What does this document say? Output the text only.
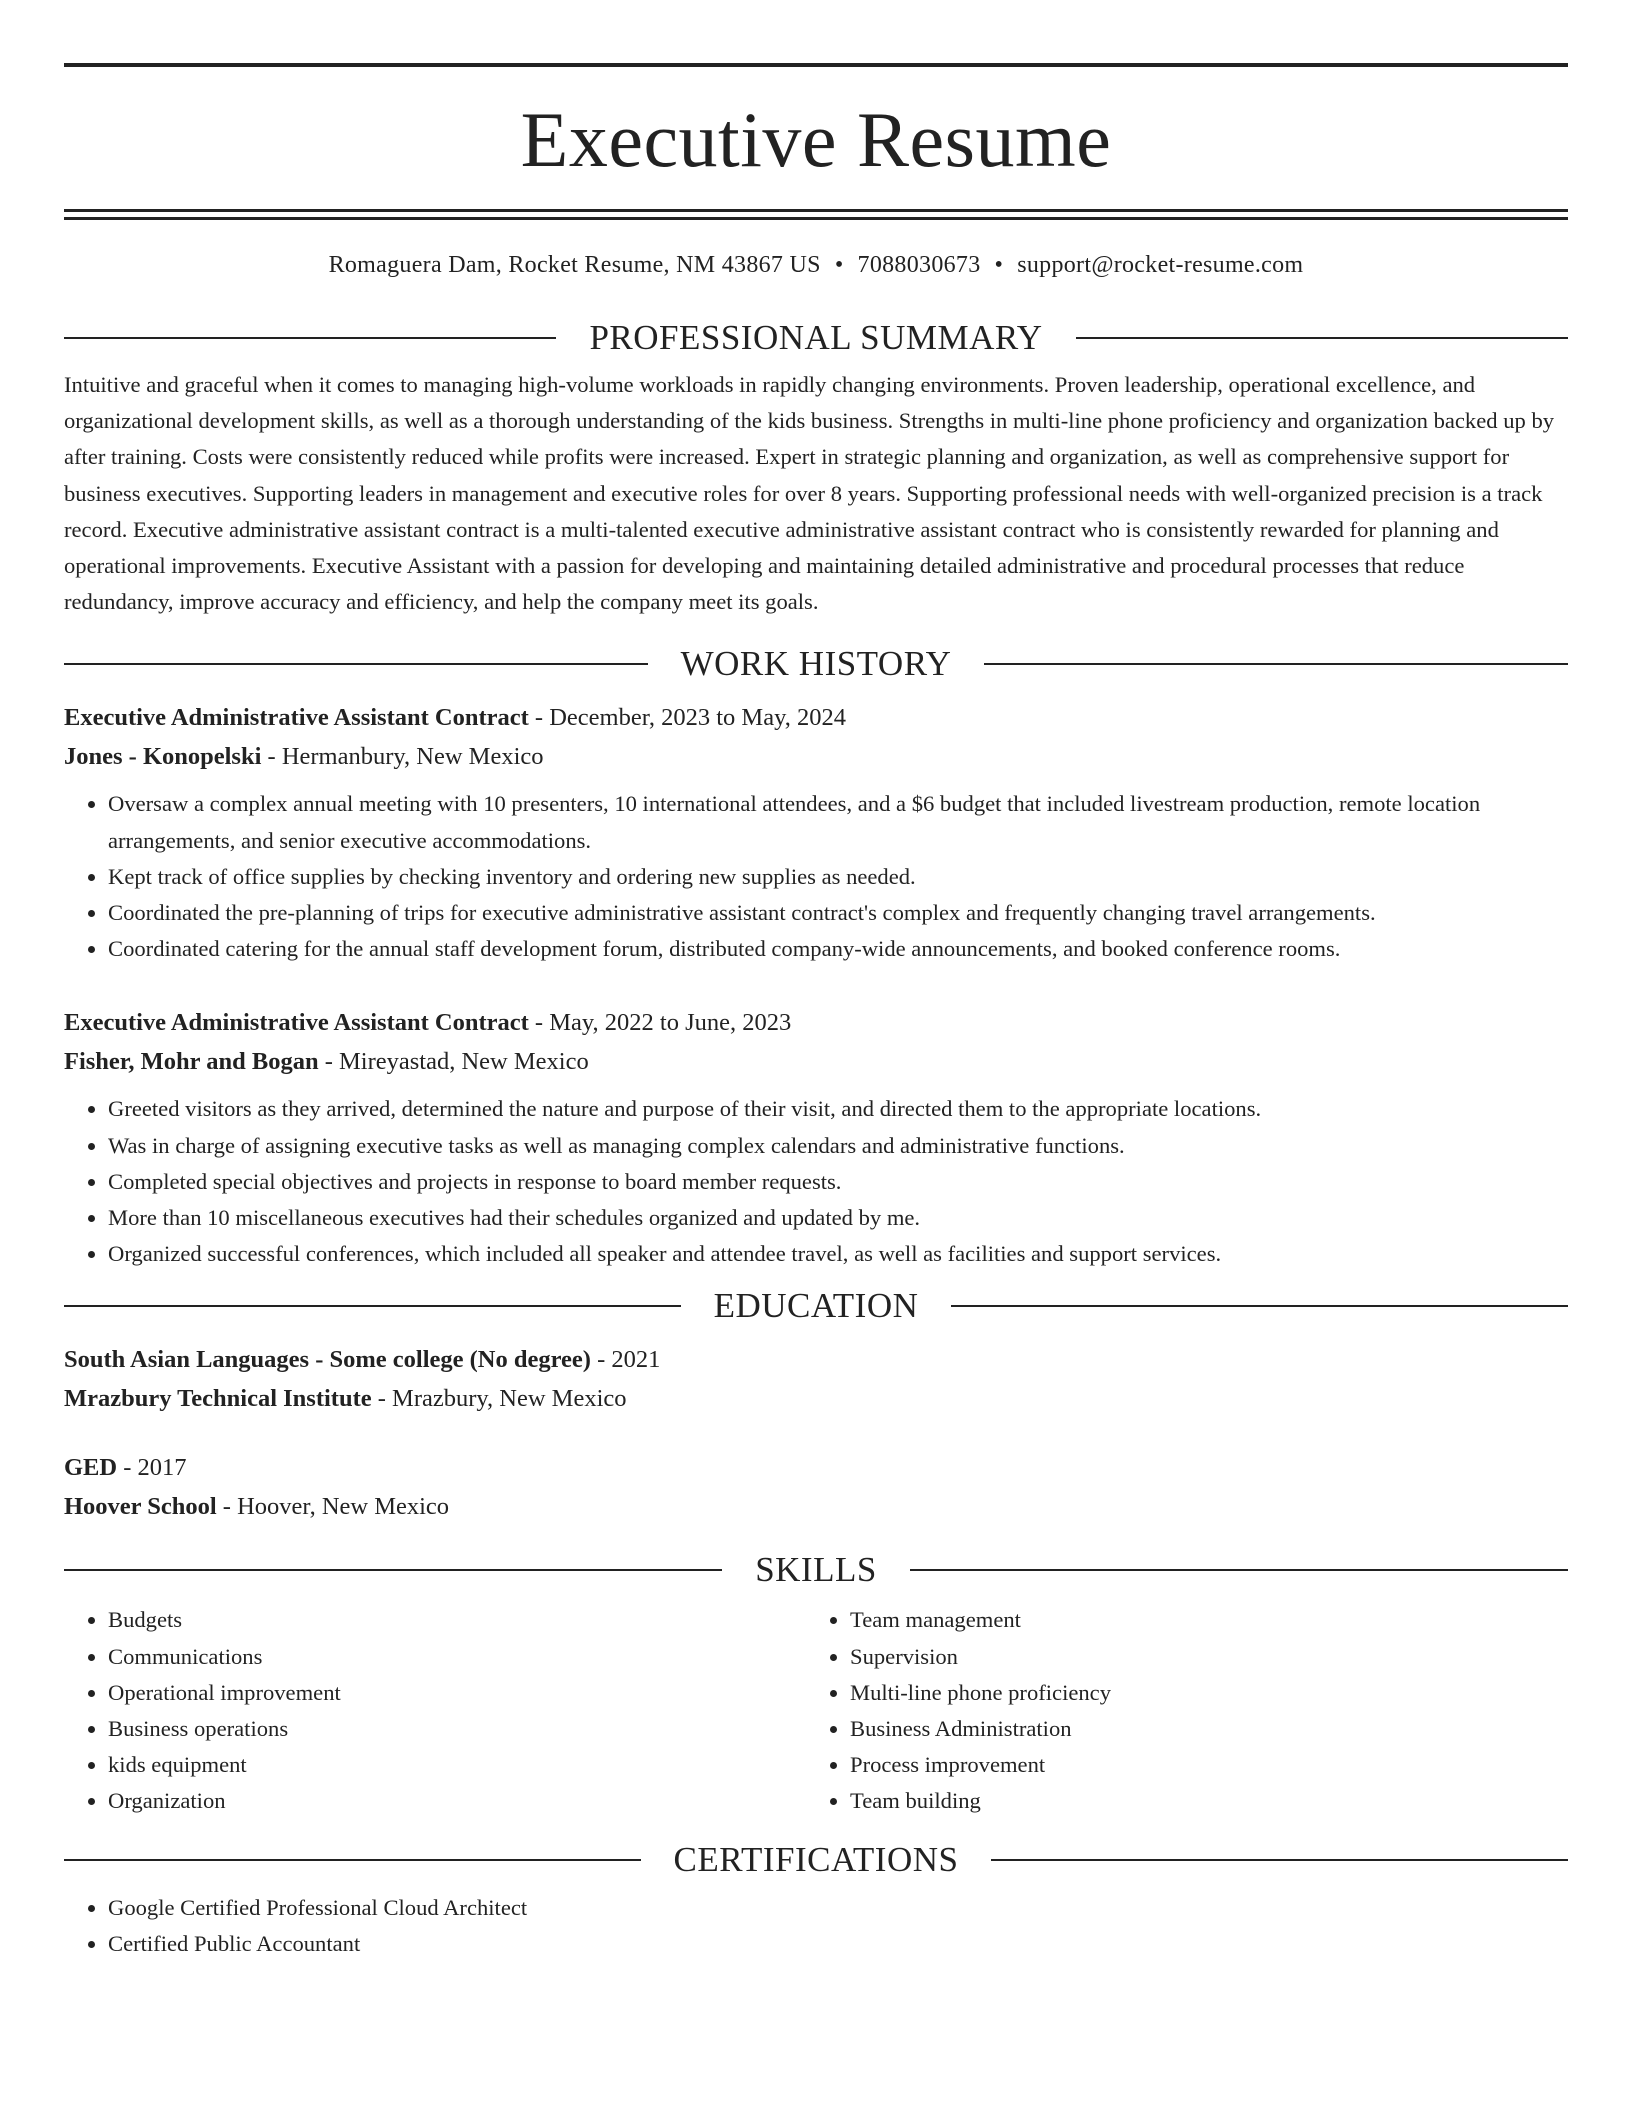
Executive Resume
Romaguera Dam, Rocket Resume, NM 43867 US • 7088030673 • support@rocket-resume.com
PROFESSIONAL SUMMARY

Intuitive and graceful when it comes to managing high-volume workloads in rapidly changing environments. Proven leadership, operational excellence, and organizational development skills, as well as a thorough understanding of the kids business. Strengths in multi-line phone proficiency and organization backed up by after training. Costs were consistently reduced while profits were increased. Expert in strategic planning and organization, as well as comprehensive support for business executives. Supporting leaders in management and executive roles for over 8 years. Supporting professional needs with well-organized precision is a track record. Executive administrative assistant contract is a multi-talented executive administrative assistant contract who is consistently rewarded for planning and operational improvements. Executive Assistant with a passion for developing and maintaining detailed administrative and procedural processes that reduce redundancy, improve accuracy and efficiency, and help the company meet its goals.

WORK HISTORY
Executive Administrative Assistant Contract - December, 2023 to May, 2024
Jones - Konopelski - Hermanbury, New Mexico
• Oversaw a complex annual meeting with 10 presenters, 10 international attendees, and a $6 budget that included livestream production, remote location arrangements, and senior executive accommodations.
• Kept track of office supplies by checking inventory and ordering new supplies as needed.
• Coordinated the pre-planning of trips for executive administrative assistant contract's complex and frequently changing travel arrangements.
• Coordinated catering for the annual staff development forum, distributed company-wide announcements, and booked conference rooms.
Executive Administrative Assistant Contract - May, 2022 to June, 2023
Fisher, Mohr and Bogan - Mireyastad, New Mexico
• Greeted visitors as they arrived, determined the nature and purpose of their visit, and directed them to the appropriate locations.
• Was in charge of assigning executive tasks as well as managing complex calendars and administrative functions.
• Completed special objectives and projects in response to board member requests.
• More than 10 miscellaneous executives had their schedules organized and updated by me.
• Organized successful conferences, which included all speaker and attendee travel, as well as facilities and support services.
EDUCATION
South Asian Languages - Some college (No degree) - 2021
Mrazbury Technical Institute - Mrazbury, New Mexico
GED - 2017
Hoover School - Hoover, New Mexico
SKILLS
• Budgets
• Communications
• Operational improvement
• Business operations
• kids equipment
• Organization
• Team management
• Supervision
• Multi-line phone proficiency
• Business Administration
• Process improvement
• Team building
CERTIFICATIONS
• Google Certified Professional Cloud Architect
• Certified Public Accountant
